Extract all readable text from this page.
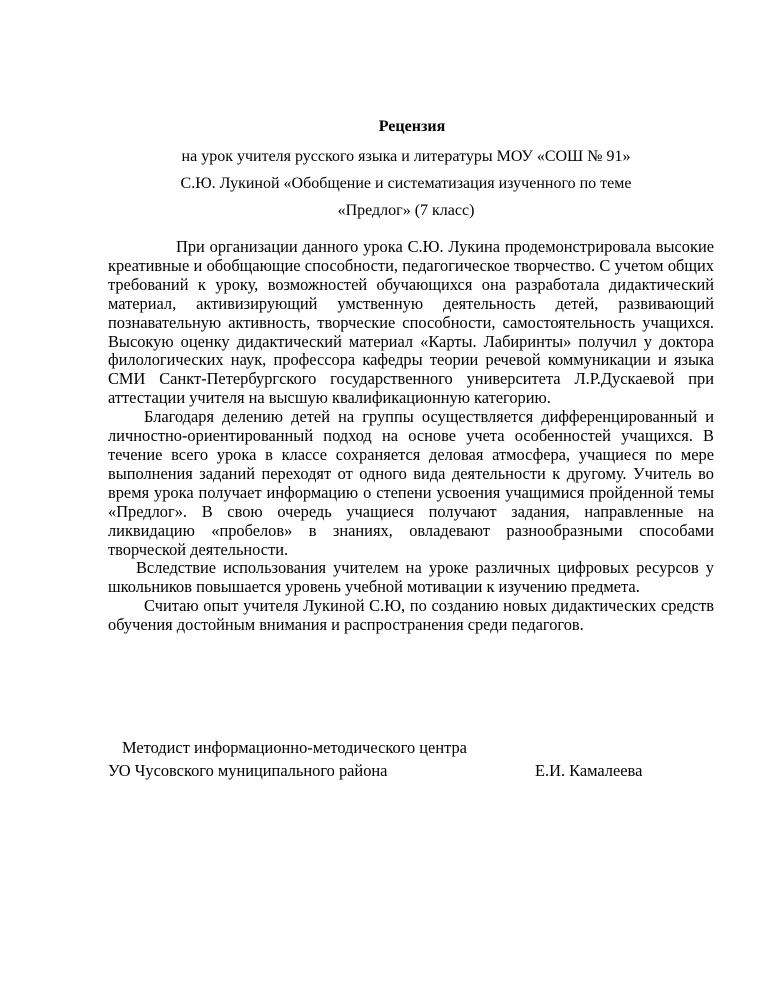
Рецензия
на урок учителя русского языка и литературы МОУ «СОШ № 91»
С.Ю. Лукиной «Обобщение и систематизация изученного по теме
«Предлог» (7 класс)

При организации данного урока С.Ю. Лукина продемонстрировала высокие креативные и обобщающие способности, педагогическое творчество. С учетом общих требований к уроку, возможностей обучающихся она разработала дидактический материал, активизирующий умственную деятельность детей, развивающий познавательную активность, творческие способности, самостоятельность учащихся. Высокую оценку дидактический материал «Карты. Лабиринты» получил у доктора филологических наук, профессора кафедры теории речевой коммуникации и языка СМИ Санкт-Петербургского государственного университета Л.Р.Дускаевой при аттестации учителя на высшую квалификационную категорию.

Благодаря делению детей на группы осуществляется дифференцированный и личностно-ориентированный подход на основе учета особенностей учащихся. В течение всего урока в классе сохраняется деловая атмосфера, учащиеся по мере выполнения заданий переходят от одного вида деятельности к другому. Учитель во время урока получает информацию о степени усвоения учащимися пройденной темы «Предлог». В свою очередь учащиеся получают задания, направленные на ликвидацию «пробелов» в знаниях, овладевают разнообразными способами творческой деятельности.

Вследствие использования учителем на уроке различных цифровых ресурсов у школьников повышается уровень учебной мотивации к изучению предмета.

Считаю опыт учителя Лукиной С.Ю, по созданию новых дидактических средств обучения достойным внимания и распространения среди педагогов.

Методист информационно-методического центра
УО Чусовского муниципального района	Е.И. Камалеева
